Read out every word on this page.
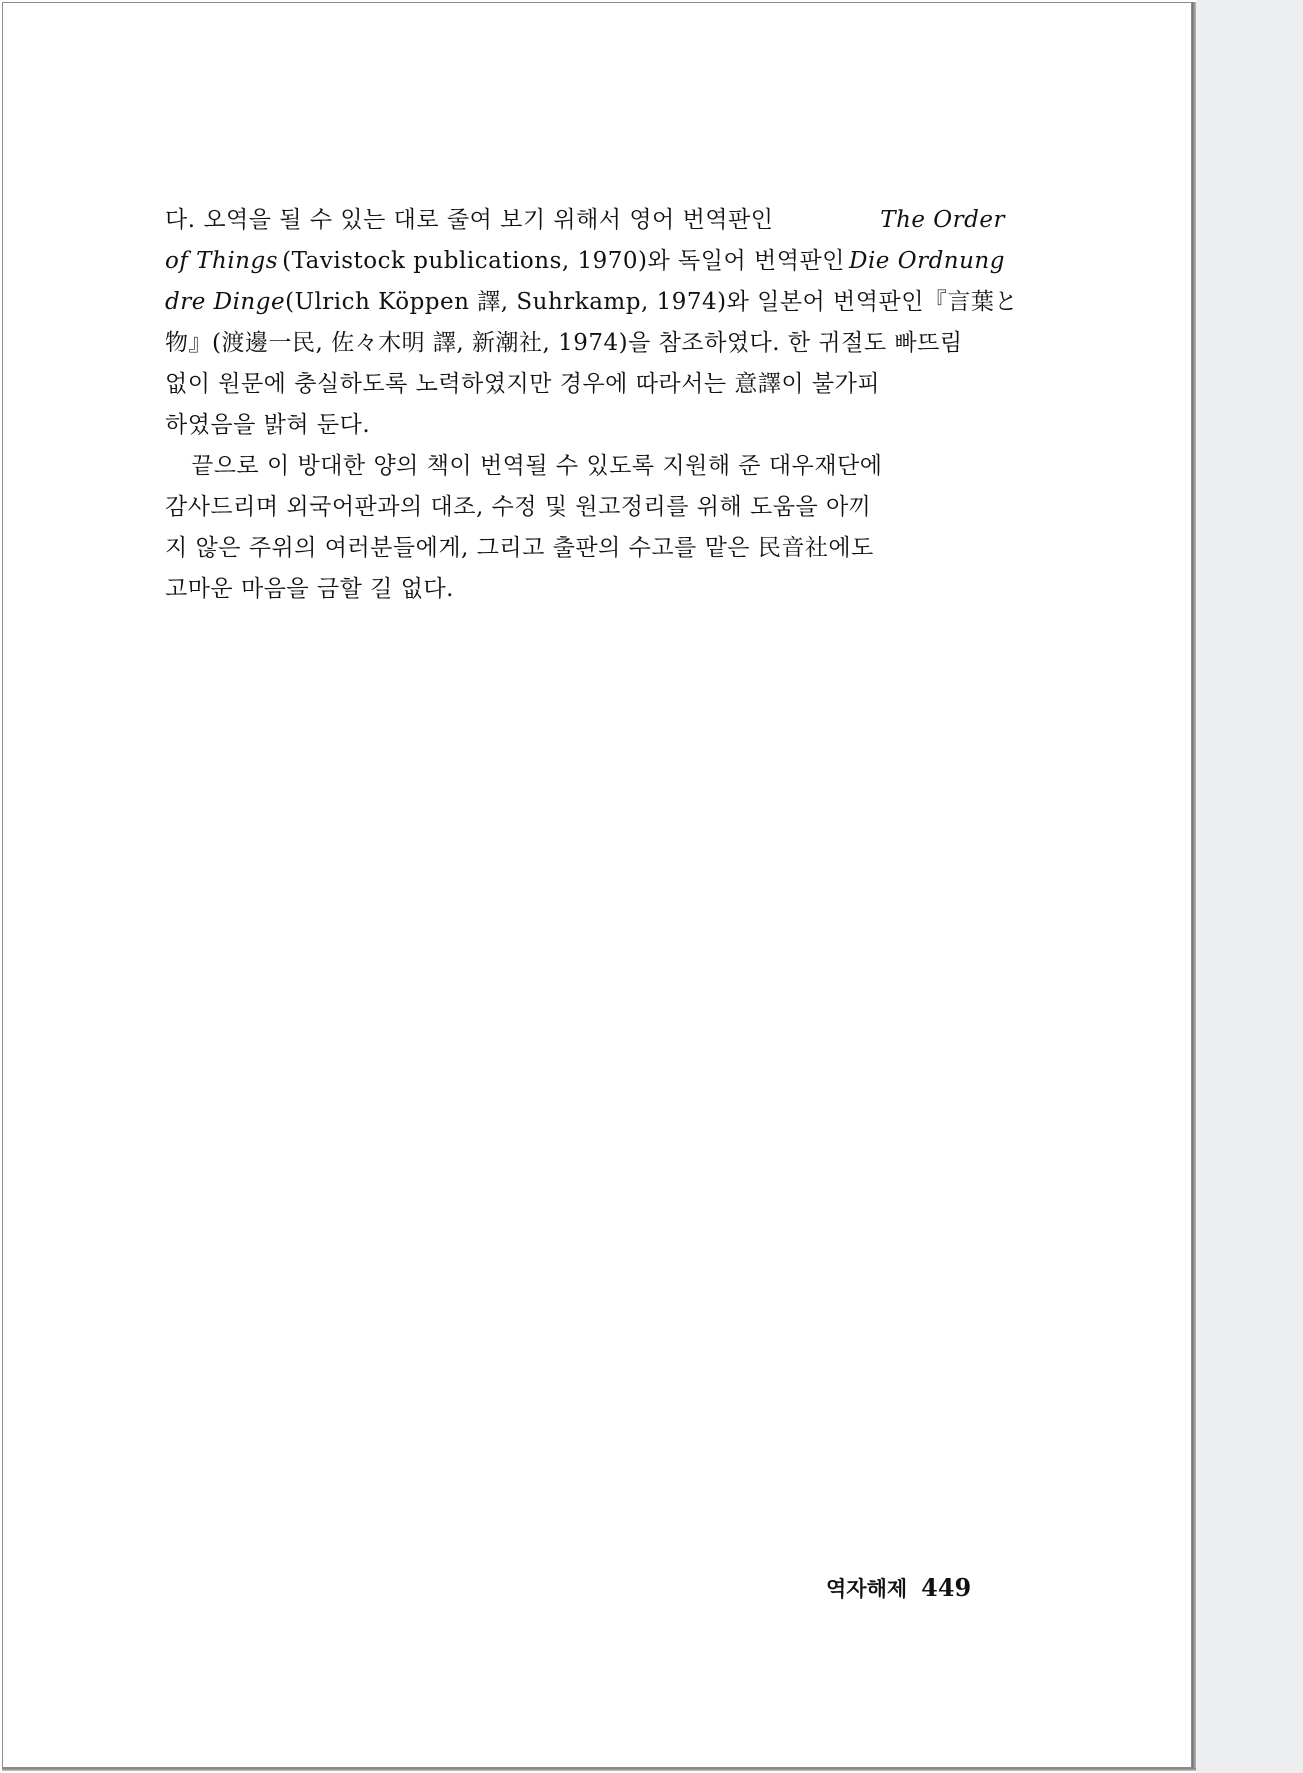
다. 오역을 될 수 있는 대로 줄여 보기 위해서 영어 번역판인	The Order
of Things (Tavistock publications, 1970)와 독일어 번역판인 Die Ordnung
dre Dinge (Ulrich Köppen 譯, Suhrkamp, 1974)와 일본어 번역판인『言葉と
物』(渡邊一民, 佐々木明 譯, 新潮社, 1974)을 참조하였다. 한 귀절도 빠뜨림
없이 원문에 충실하도록 노력하였지만 경우에 따라서는 意譯이 불가피
하였음을 밝혀 둔다.
끝으로 이 방대한 양의 책이 번역될 수 있도록 지원해 준 대우재단에
감사드리며 외국어판과의 대조, 수정 및 원고정리를 위해 도움을 아끼
지 않은 주위의 여러분들에게, 그리고 출판의 수고를 맡은 民音社에도
고마운 마음을 금할 길 없다.
역자해제 449
